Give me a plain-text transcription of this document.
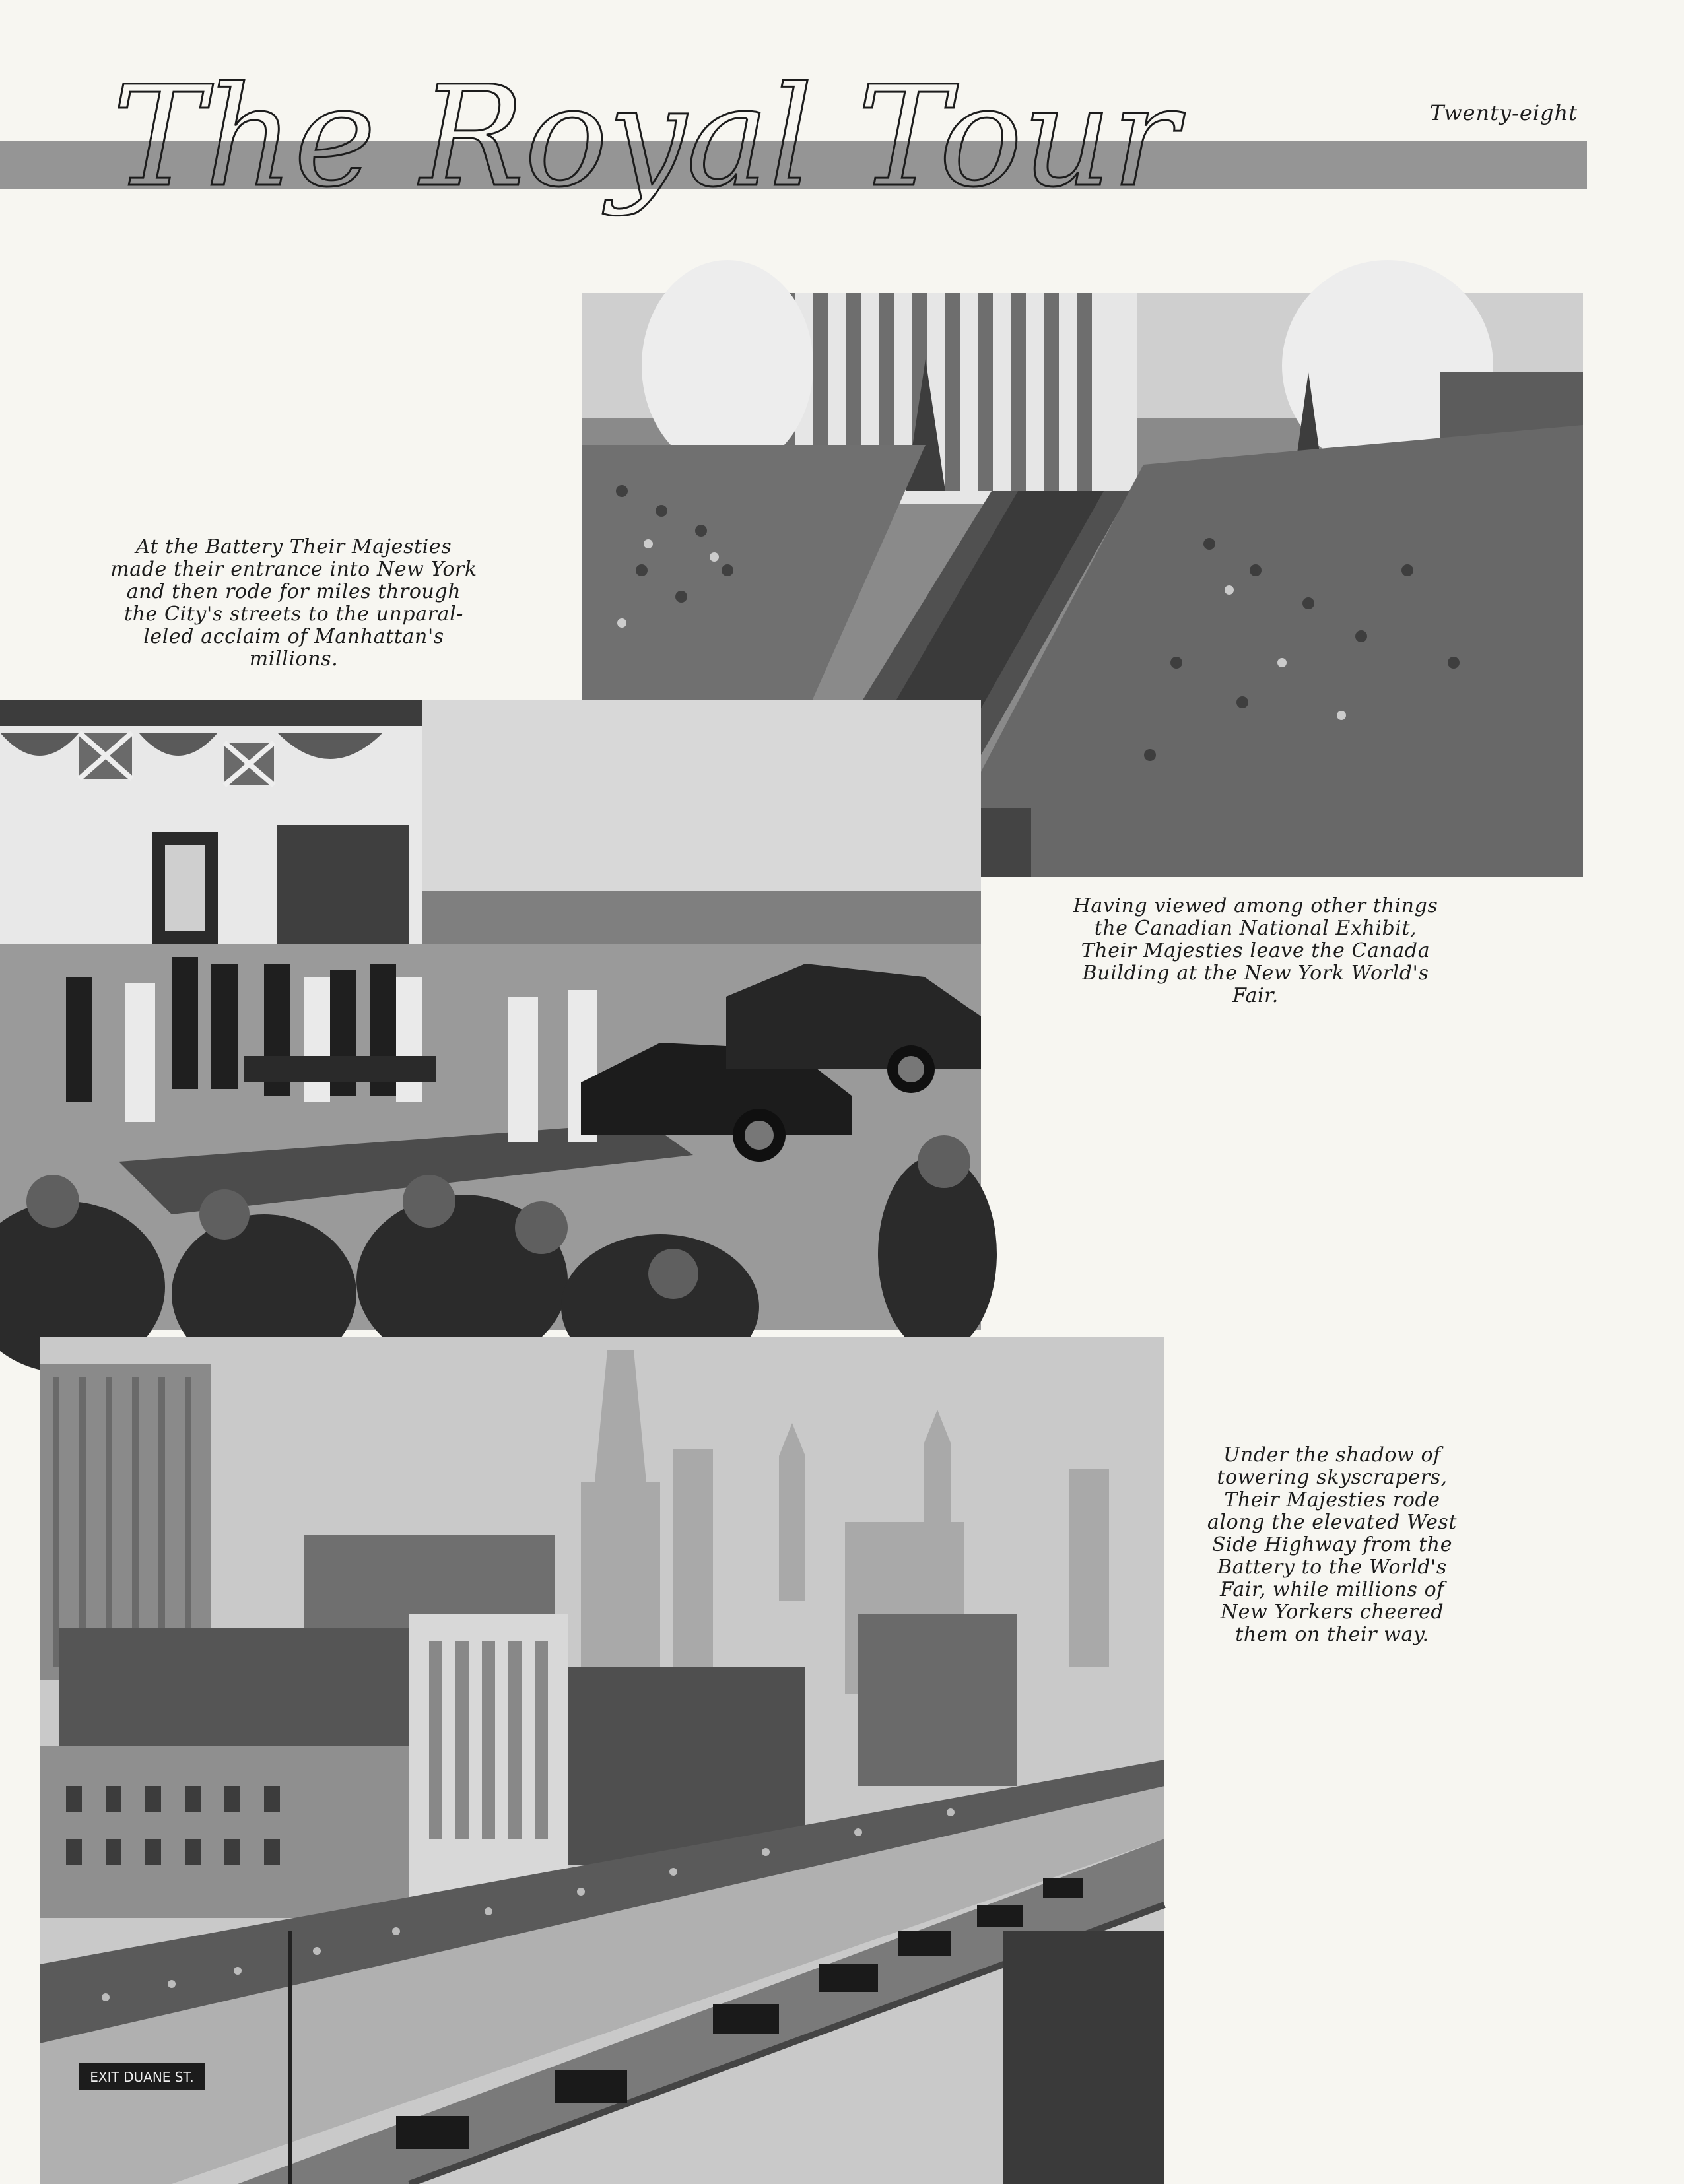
The Royal Tour	Twenty-eight
At the Battery Their Majesties
made their entrance into New York
and then rode for miles through
the City's streets to the unparal-
leled acclaim of Manhattan's
millions.
Having viewed among other things
the Canadian National Exhibit,
Their Majesties leave the Canada
Building at the New York World's
Fair.
EXIT DUANE ST.
Under the shadow of
towering skyscrapers,
Their Majesties rode
along the elevated West
Side Highway from the
Battery to the World's
Fair, while millions of
New Yorkers cheered
them on their way.
